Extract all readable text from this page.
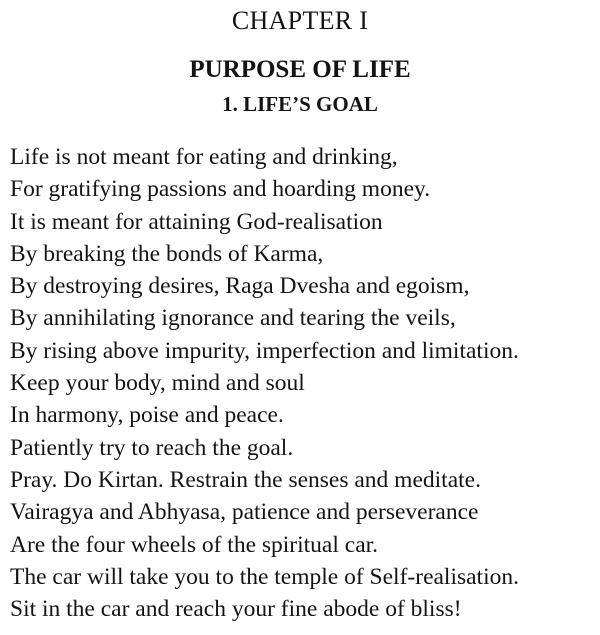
CHAPTER I
PURPOSE OF LIFE
1. LIFE’S GOAL
Life is not meant for eating and drinking,
For gratifying passions and hoarding money.
It is meant for attaining God-realisation
By breaking the bonds of Karma,
By destroying desires, Raga Dvesha and egoism,
By annihilating ignorance and tearing the veils,
By rising above impurity, imperfection and limitation.
Keep your body, mind and soul
In harmony, poise and peace.
Patiently try to reach the goal.
Pray. Do Kirtan. Restrain the senses and meditate.
Vairagya and Abhyasa, patience and perseverance
Are the four wheels of the spiritual car.
The car will take you to the temple of Self-realisation.
Sit in the car and reach your fine abode of bliss!
